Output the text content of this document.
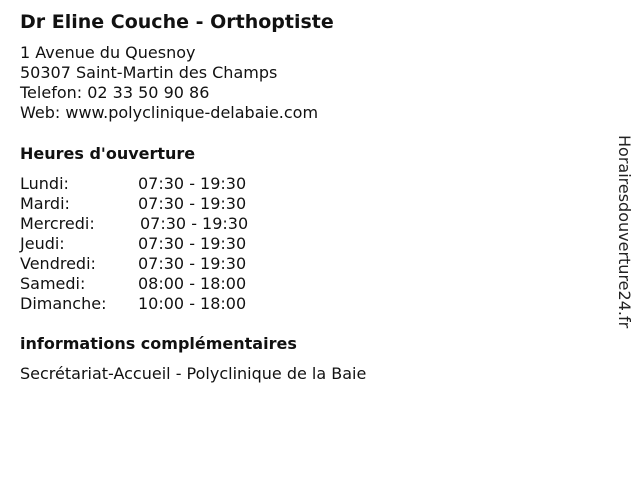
Dr Eline Couche - Orthoptiste
1 Avenue du Quesnoy
50307 Saint-Martin des Champs
Telefon: 02 33 50 90 86
Web: www.polyclinique-delabaie.com
Heures d'ouverture
Lundi:	07:30 - 19:30
Mardi:	07:30 - 19:30
Mercredi:	07:30 - 19:30
Jeudi:	07:30 - 19:30
Vendredi:	07:30 - 19:30
Samedi:	08:00 - 18:00
Dimanche: 10:00 - 18:00
informations complémentaires
Secrétariat-Accueil - Polyclinique de la Baie
Horairesdouverture24.fr
